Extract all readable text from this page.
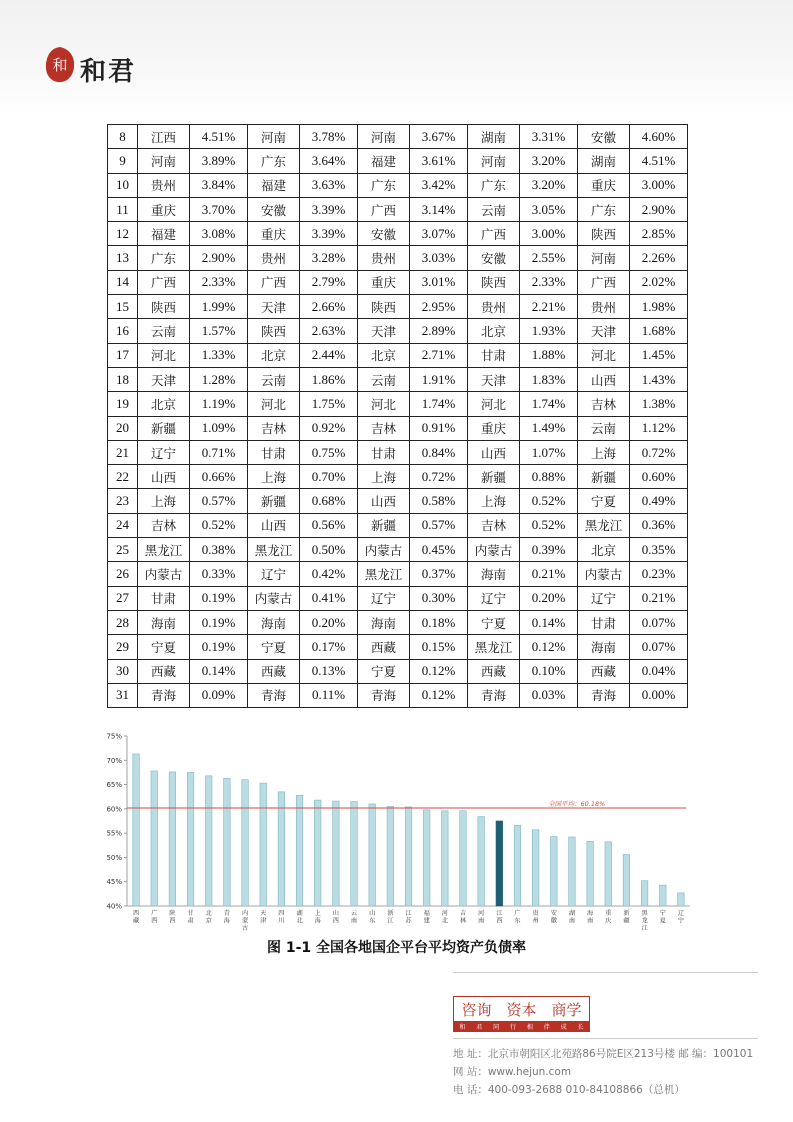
和 和君
8	江西	4.51%	河南	3.78%	河南	3.67%	湖南	3.31%	安徽	4.60%
9	河南	3.89%	广东	3.64%	福建	3.61%	河南	3.20%	湖南	4.51%
10	贵州	3.84%	福建	3.63%	广东	3.42%	广东	3.20%	重庆	3.00%
11	重庆	3.70%	安徽	3.39%	广西	3.14%	云南	3.05%	广东	2.90%
12	福建	3.08%	重庆	3.39%	安徽	3.07%	广西	3.00%	陕西	2.85%
13	广东	2.90%	贵州	3.28%	贵州	3.03%	安徽	2.55%	河南	2.26%
14	广西	2.33%	广西	2.79%	重庆	3.01%	陕西	2.33%	广西	2.02%
15	陕西	1.99%	天津	2.66%	陕西	2.95%	贵州	2.21%	贵州	1.98%
16	云南	1.57%	陕西	2.63%	天津	2.89%	北京	1.93%	天津	1.68%
17	河北	1.33%	北京	2.44%	北京	2.71%	甘肃	1.88%	河北	1.45%
18	天津	1.28%	云南	1.86%	云南	1.91%	天津	1.83%	山西	1.43%
19	北京	1.19%	河北	1.75%	河北	1.74%	河北	1.74%	吉林	1.38%
20	新疆	1.09%	吉林	0.92%	吉林	0.91%	重庆	1.49%	云南	1.12%
21	辽宁	0.71%	甘肃	0.75%	甘肃	0.84%	山西	1.07%	上海	0.72%
22	山西	0.66%	上海	0.70%	上海	0.72%	新疆	0.88%	新疆	0.60%
23	上海	0.57%	新疆	0.68%	山西	0.58%	上海	0.52%	宁夏	0.49%
24	吉林	0.52%	山西	0.56%	新疆	0.57%	吉林	0.52%	黑龙江	0.36%
25	黑龙江	0.38%	黑龙江	0.50%	内蒙古	0.45%	内蒙古	0.39%	北京	0.35%
26	内蒙古	0.33%	辽宁	0.42%	黑龙江	0.37%	海南	0.21%	内蒙古	0.23%
27	甘肃	0.19%	内蒙古	0.41%	辽宁	0.30%	辽宁	0.20%	辽宁	0.21%
28	海南	0.19%	海南	0.20%	海南	0.18%	宁夏	0.14%	甘肃	0.07%
29	宁夏	0.19%	宁夏	0.17%	西藏	0.15%	黑龙江	0.12%	海南	0.07%
30	西藏	0.14%	西藏	0.13%	宁夏	0.12%	西藏	0.10%	西藏	0.04%
31	青海	0.09%	青海	0.11%	青海	0.12%	青海	0.03%	青海	0.00%
40%
45%
50%
55%
60%
65%
70%
75%
西
藏
广
西
陕
西
甘
肃
北
京
青
海
内
蒙
古
天
津
四
川
湖
北
上
海
山
西
云
南
山
东
浙
江
江
苏
福
建
河
北
吉
林
河
南
江
西
广
东
贵
州
安
徽
湖
南
海
南
重
庆
新
疆
黑
龙
江
宁
夏
辽
宁
全国平均：60.18%
图 1-1 全国各地国企平台平均资产负债率
咨询 资本 商学
和 君 同 行 相 伴 成 长
地 址：北京市朝阳区北苑路86号院E区213号楼 邮 编：100101
网 站：www.hejun.com
电 话：400-093-2688 010-84108866（总机）
